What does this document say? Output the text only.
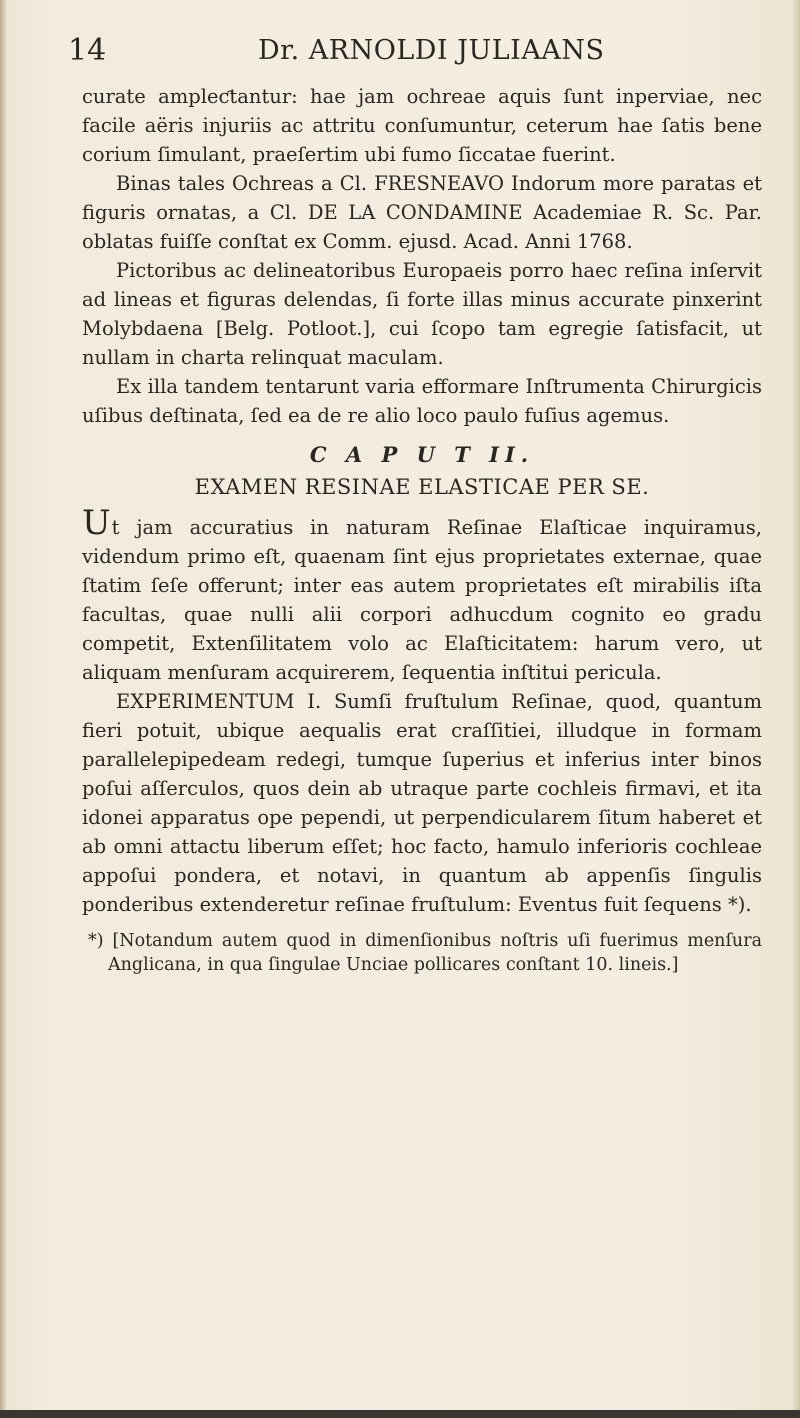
14	Dr. ARNOLDI JULIAANS

curate ampleƈtantur: hae jam ochreae aquis ſunt inperviae, nec facile aëris injuriis ac attritu conſumuntur, ceterum hae ſatis bene corium ſimulant, praeſertim ubi fumo ſiccatae fuerint.

Binas tales Ochreas a Cl. FRESNEAVO Indorum more paratas et figuris ornatas, a Cl. DE LA CONDAMINE Academiae R. Sc. Par. oblatas fuiſſe conſtat ex Comm. ejusd. Acad. Anni 1768.

Pictoribus ac delineatoribus Europaeis porro haec reſina inſervit ad lineas et figuras delendas, ſi forte illas minus accurate pinxerint Molybdaena [Belg. Potloot.], cui ſcopo tam egregie ſatisfacit, ut nullam in charta relinquat maculam.

Ex illa tandem tentarunt varia efformare Inſtrumenta Chirurgicis uſibus deſtinata, ſed ea de re alio loco paulo fuſius agemus.

C A P U T II.

EXAMEN RESINAE ELASTICAE PER SE.

Ut jam accuratius in naturam Reſinae Elaſticae inquiramus, videndum primo eſt, quaenam ſint ejus proprietates externae, quae ſtatim ſeſe offerunt; inter eas autem proprietates eſt mirabilis iſta facultas, quae nulli alii corpori adhucdum cognito eo gradu competit, Extenſilitatem volo ac Elaſticitatem: harum vero, ut aliquam menſuram acquirerem, ſequentia inſtitui pericula.

EXPERIMENTUM I. Sumſi fruſtulum Reſinae, quod, quantum fieri potuit, ubique aequalis erat craſſitiei, illudque in formam parallelepipedeam redegi, tumque ſuperius et inferius inter binos poſui aſſerculos, quos dein ab utraque parte cochleis firmavi, et ita idonei apparatus ope pependi, ut perpendicularem ſitum haberet et ab omni attactu liberum eſſet; hoc facto, hamulo inferioris cochleae appoſui pondera, et notavi, in quantum ab appenſis ſingulis ponderibus extenderetur reſinae fruſtulum: Eventus fuit ſequens *).

*) [Notandum autem quod in dimenſionibus noſtris uſi fuerimus menſura Anglicana, in qua ſingulae Unciae pollicares conſtant 10. lineis.]
